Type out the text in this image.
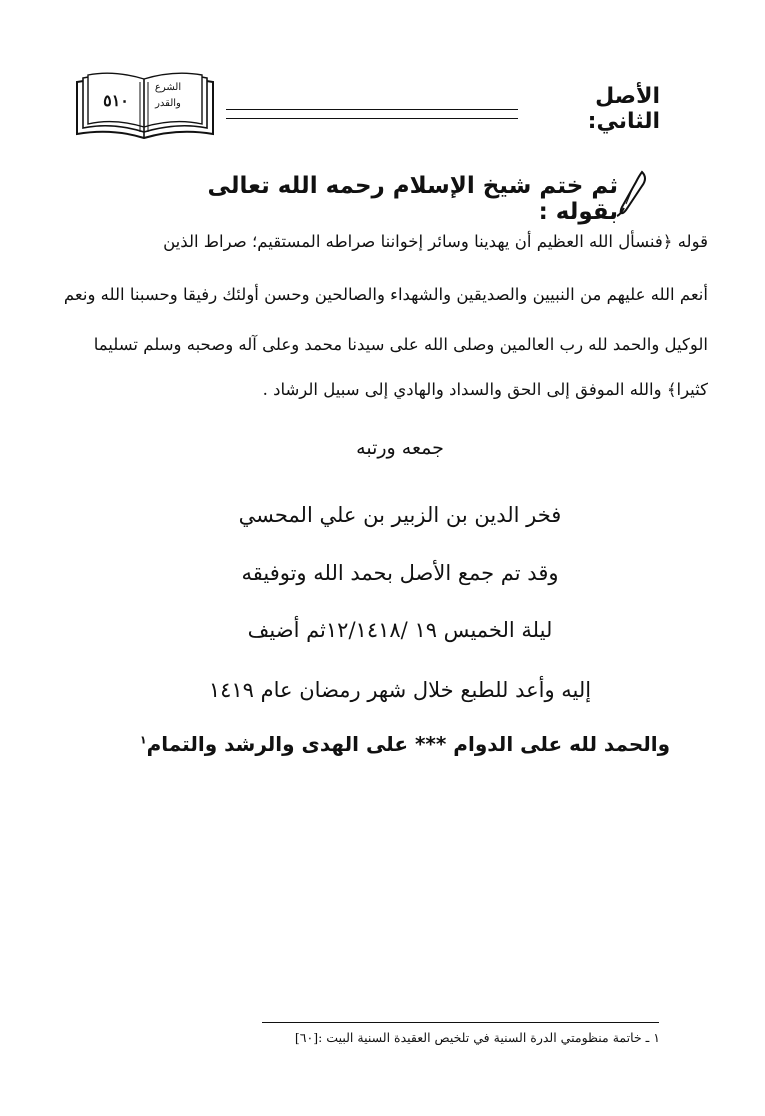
٥١٠
الشرع
والقدر	الأصل الثاني:
ثم ختم شيخ الإسلام رحمه الله تعالى بقوله :
قوله ﴿فنسأل الله العظيم أن يهدينا وسائر إخواننا صراطه المستقيم؛ صراط الذين
أنعم الله عليهم من النبيين والصديقين والشهداء والصالحين وحسن أولئك رفيقا وحسبنا الله ونعم
الوكيل والحمد لله رب العالمين وصلى الله على سيدنا محمد وعلى آله وصحبه وسلم تسليما
كثيرا﴾ والله الموفق إلى الحق والسداد والهادي إلى سبيل الرشاد .
جمعه ورتبه
فخر الدين بن الزبير بن علي المحسي
وقد تم جمع الأصل بحمد الله وتوفيقه
ليلة الخميس ١٩ /١٢/١٤١٨ثم أضيف
إليه وأعد للطبع خلال شهر رمضان عام ١٤١٩
والحمد لله على الدوام *** على الهدى والرشد والتمام$^١$
١ ـ خاتمة منظومتي الدرة السنية في تلخيص العقيدة السنية البيت :[٦٠]
